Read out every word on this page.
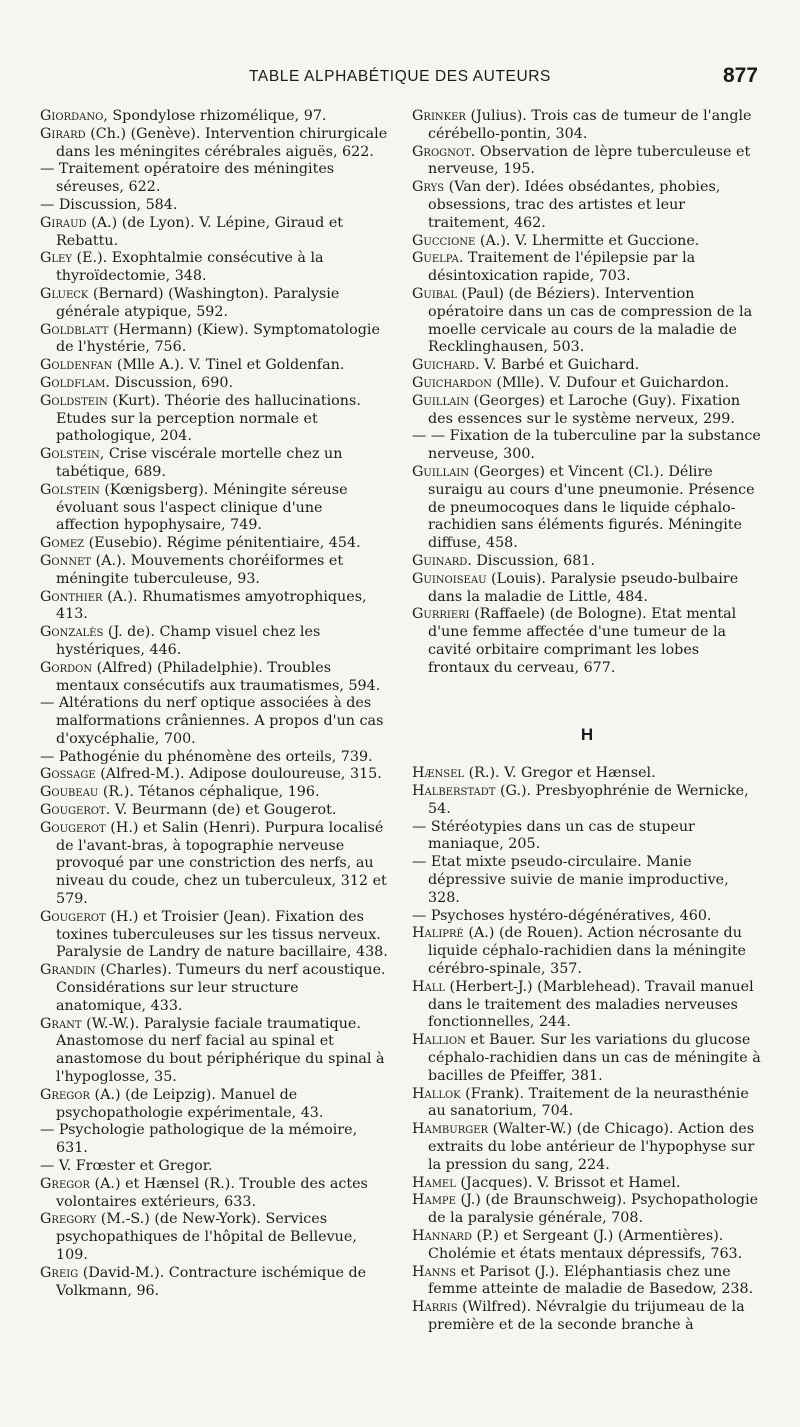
TABLE ALPHABÉTIQUE DES AUTEURS	877

Giordano, Spondylose rhizomélique, 97.

Girard (Ch.) (Genève). Intervention chirurgicale dans les méningites cérébrales aiguës, 622.

— Traitement opératoire des méningites séreuses, 622.

— Discussion, 584.

Giraud (A.) (de Lyon). V. Lépine, Giraud et Rebattu.

Gley (E.). Exophtalmie consécutive à la thyroïdectomie, 348.

Glueck (Bernard) (Washington). Paralysie générale atypique, 592.

Goldblatt (Hermann) (Kiew). Symptomatologie de l'hystérie, 756.

Goldenfan (Mlle A.). V. Tinel et Goldenfan.

Goldflam. Discussion, 690.

Goldstein (Kurt). Théorie des hallucinations. Etudes sur la perception normale et pathologique, 204.

Golstein, Crise viscérale mortelle chez un tabétique, 689.

Golstein (Kœnigsberg). Méningite séreuse évoluant sous l'aspect clinique d'une affection hypophysaire, 749.

Gomez (Eusebio). Régime pénitentiaire, 454.

Gonnet (A.). Mouvements choréiformes et méningite tuberculeuse, 93.

Gonthier (A.). Rhumatismes amyotrophiques, 413.

Gonzalès (J. de). Champ visuel chez les hystériques, 446.

Gordon (Alfred) (Philadelphie). Troubles mentaux consécutifs aux traumatismes, 594.

— Altérations du nerf optique associées à des malformations crâniennes. A propos d'un cas d'oxycéphalie, 700.

— Pathogénie du phénomène des orteils, 739.

Gossage (Alfred-M.). Adipose douloureuse, 315.

Goubeau (R.). Tétanos céphalique, 196.

Gougerot. V. Beurmann (de) et Gougerot.

Gougerot (H.) et Salin (Henri). Purpura localisé de l'avant-bras, à topographie nerveuse provoqué par une constriction des nerfs, au niveau du coude, chez un tuberculeux, 312 et 579.

Gougerot (H.) et Troisier (Jean). Fixation des toxines tuberculeuses sur les tissus nerveux. Paralysie de Landry de nature bacillaire, 438.

Grandin (Charles). Tumeurs du nerf acoustique. Considérations sur leur structure anatomique, 433.

Grant (W.-W.). Paralysie faciale traumatique. Anastomose du nerf facial au spinal et anastomose du bout périphérique du spinal à l'hypoglosse, 35.

Gregor (A.) (de Leipzig). Manuel de psychopathologie expérimentale, 43.

— Psychologie pathologique de la mémoire, 631.

— V. Frœster et Gregor.

Gregor (A.) et Hænsel (R.). Trouble des actes volontaires extérieurs, 633.

Gregory (M.-S.) (de New-York). Services psychopathiques de l'hôpital de Bellevue, 109.

Greig (David-M.). Contracture ischémique de Volkmann, 96.

Grinker (Julius). Trois cas de tumeur de l'angle cérébello-pontin, 304.

Grognot. Observation de lèpre tuberculeuse et nerveuse, 195.

Grys (Van der). Idées obsédantes, phobies, obsessions, trac des artistes et leur traitement, 462.

Guccione (A.). V. Lhermitte et Guccione.

Guelpa. Traitement de l'épilepsie par la désintoxication rapide, 703.

Guibal (Paul) (de Béziers). Intervention opératoire dans un cas de compression de la moelle cervicale au cours de la maladie de Recklinghausen, 503.

Guichard. V. Barbé et Guichard.

Guichardon (Mlle). V. Dufour et Guichardon.

Guillain (Georges) et Laroche (Guy). Fixation des essences sur le système nerveux, 299.

— — Fixation de la tuberculine par la substance nerveuse, 300.

Guillain (Georges) et Vincent (Cl.). Délire suraigu au cours d'une pneumonie. Présence de pneumocoques dans le liquide céphalo-rachidien sans éléments figurés. Méningite diffuse, 458.

Guinard. Discussion, 681.

Guinoiseau (Louis). Paralysie pseudo-bulbaire dans la maladie de Little, 484.

Gurrieri (Raffaele) (de Bologne). Etat mental d'une femme affectée d'une tumeur de la cavité orbitaire comprimant les lobes frontaux du cerveau, 677.

H

Hænsel (R.). V. Gregor et Hænsel.

Halberstadt (G.). Presbyophrénie de Wernicke, 54.

— Stéréotypies dans un cas de stupeur maniaque, 205.

— Etat mixte pseudo-circulaire. Manie dépressive suivie de manie improductive, 328.

— Psychoses hystéro-dégénératives, 460.

Halipré (A.) (de Rouen). Action nécrosante du liquide céphalo-rachidien dans la méningite cérébro-spinale, 357.

Hall (Herbert-J.) (Marblehead). Travail manuel dans le traitement des maladies nerveuses fonctionnelles, 244.

Hallion et Bauer. Sur les variations du glucose céphalo-rachidien dans un cas de méningite à bacilles de Pfeiffer, 381.

Hallok (Frank). Traitement de la neurasthénie au sanatorium, 704.

Hamburger (Walter-W.) (de Chicago). Action des extraits du lobe antérieur de l'hypophyse sur la pression du sang, 224.

Hamel (Jacques). V. Brissot et Hamel.

Hampe (J.) (de Braunschweig). Psychopathologie de la paralysie générale, 708.

Hannard (P.) et Sergeant (J.) (Armentières). Cholémie et états mentaux dépressifs, 763.

Hanns et Parisot (J.). Eléphantiasis chez une femme atteinte de maladie de Basedow, 238.

Harris (Wilfred). Névralgie du trijumeau de la première et de la seconde branche à
